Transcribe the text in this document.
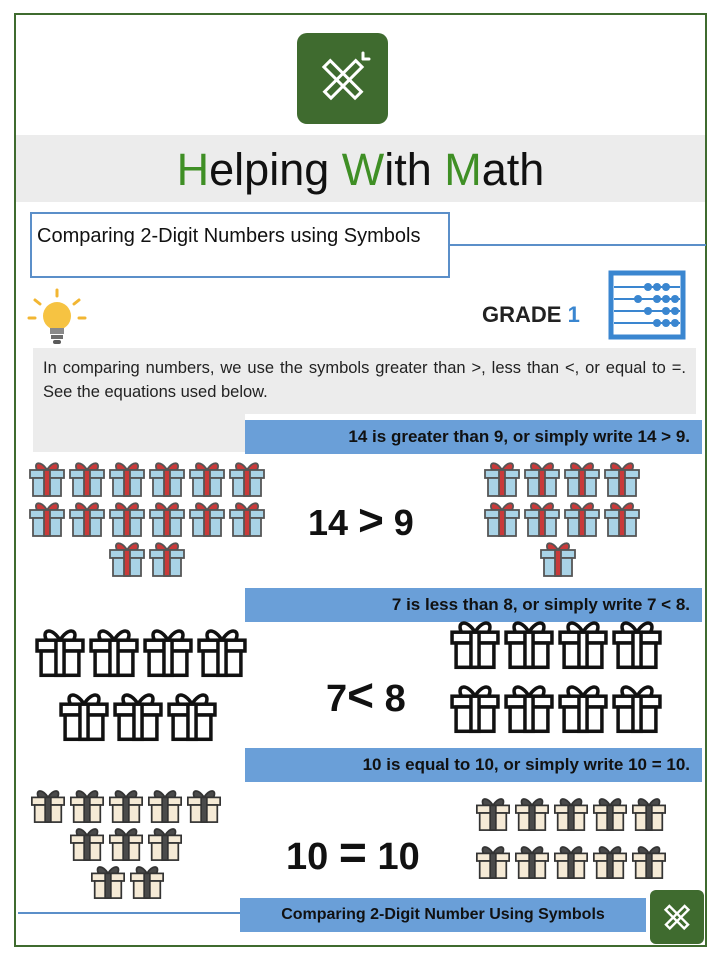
Helping With Math
Comparing 2-Digit Numbers using Symbols
GRADE 1
In comparing numbers, we use the symbols greater than >, less than <, or equal to =. See the equations used below.
14 is greater than 9, or simply write 14 > 9.
7 is less than 8, or simply write 7 < 8.
10 is equal to 10, or simply write 10 = 10.
14 > 9
7< 8
10 = 10
Comparing 2-Digit Number Using Symbols
